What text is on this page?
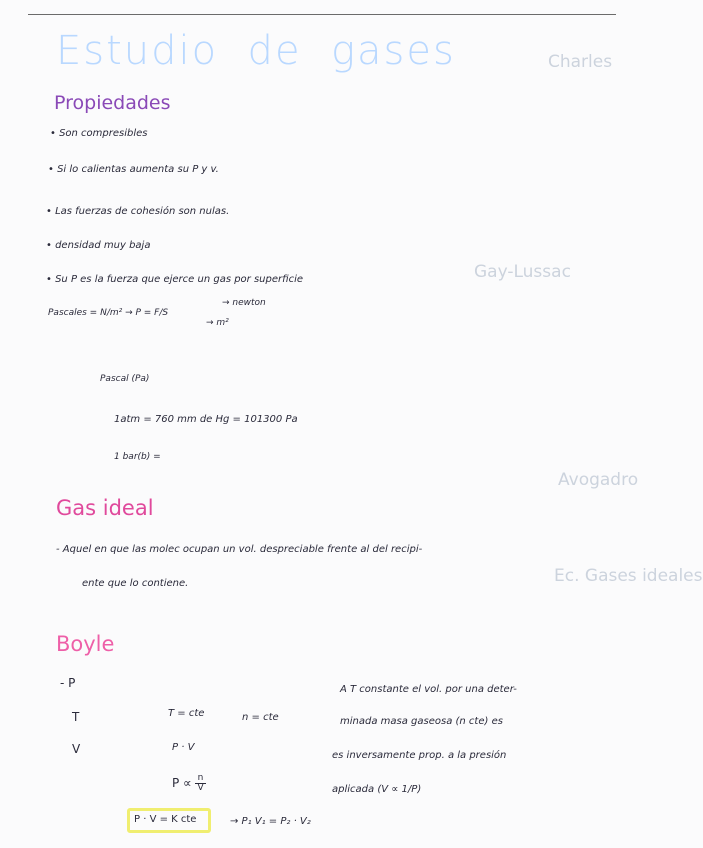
Charles
Gay-Lussac
Avogadro
Ec. Gases ideales
Estudio  de  gases
Propiedades
• Son compresibles
• Si lo calientas aumenta su P y v.
• Las fuerzas de cohesión son nulas.
• densidad muy baja
• Su P es la fuerza que ejerce un gas por superficie
Pascales = N/m² → P = F/S
→ newton
→ m²
Pascal (Pa)
1atm = 760 mm de Hg = 101300 Pa
1 bar(b) =
Gas ideal
- Aquel en que las molec ocupan un vol. despreciable frente al del recipi-
ente que lo contiene.
Boyle
- P
T
V
T = cte	n = cte
P · V
$P \propto \frac{n}{V}$
P · V = K cte	→ P₁ V₁ = P₂ · V₂
A T constante el vol. por una deter-
minada masa gaseosa (n cte) es
es inversamente prop. a la presión
aplicada (V ∝ 1/P)
